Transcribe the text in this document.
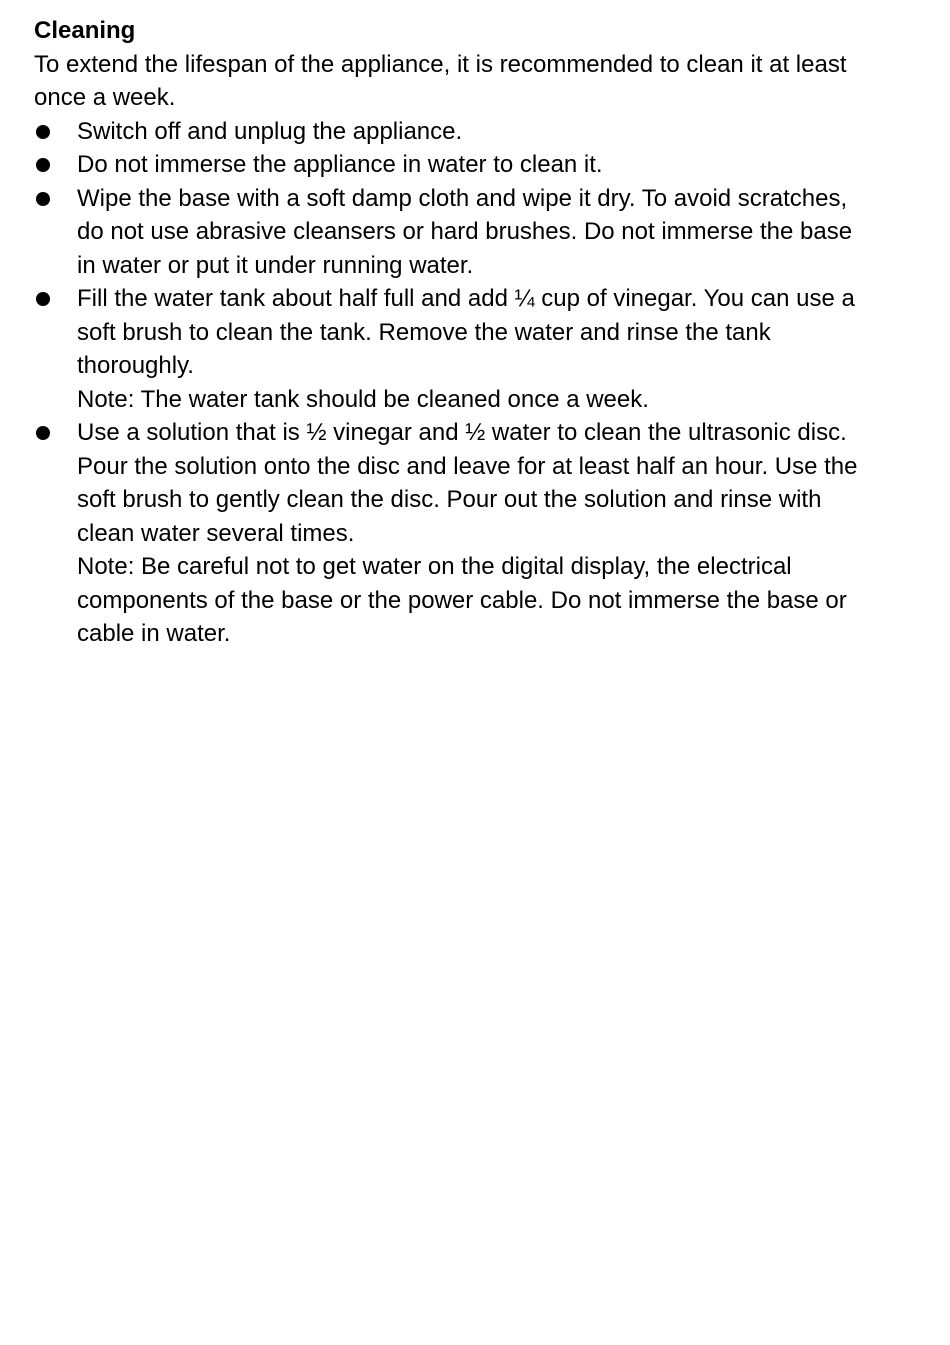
Cleaning
To extend the lifespan of the appliance, it is recommended to clean it at least once a week.
Switch off and unplug the appliance.
Do not immerse the appliance in water to clean it.
Wipe the base with a soft damp cloth and wipe it dry. To avoid scratches, do not use abrasive cleansers or hard brushes. Do not immerse the base in water or put it under running water.
Fill the water tank about half full and add ¼ cup of vinegar. You can use a soft brush to clean the tank. Remove the water and rinse the tank thoroughly.
Note: The water tank should be cleaned once a week.
Use a solution that is ½ vinegar and ½ water to clean the ultrasonic disc. Pour the solution onto the disc and leave for at least half an hour. Use the soft brush to gently clean the disc. Pour out the solution and rinse with clean water several times.
Note: Be careful not to get water on the digital display, the electrical components of the base or the power cable. Do not immerse the base or cable in water.
